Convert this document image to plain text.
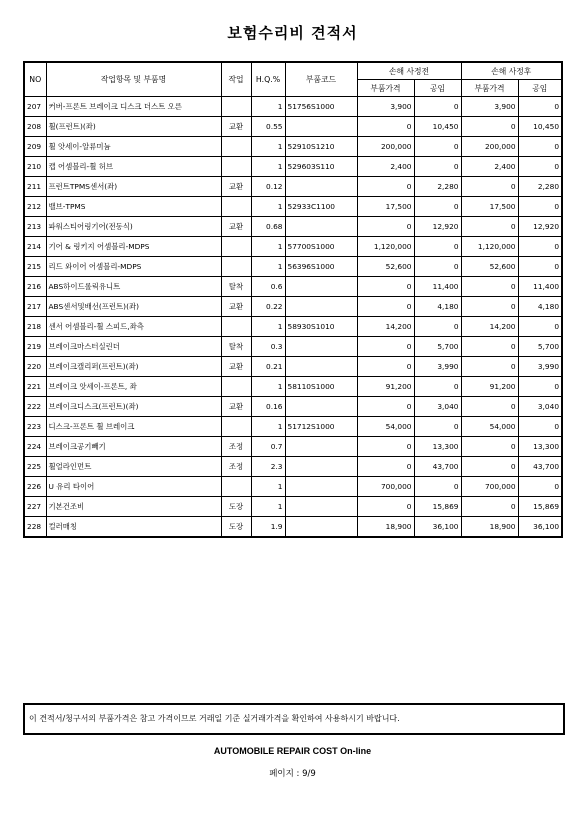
보험수리비 견적서
NO	작업항목 및 부품명	작업	H.Q.%	부품코드	손해 사정전		손해 사정후	
					부품가격	공임	부품가격	공임
207	커버-프론트 브레이크 디스크 더스트 오른		1	51756S1000	3,900	0	3,900	0
208	휠(프런트)(좌)	교환	0.55		0	10,450	0	10,450
209	휠 앗세이-알류미늄		1	52910S1210	200,000	0	200,000	0
210	캡 어셈블리-휠 허브		1	529603S110	2,400	0	2,400	0
211	프런트TPMS센서(좌)	교환	0.12		0	2,280	0	2,280
212	밸브-TPMS		1	52933C1100	17,500	0	17,500	0
213	파워스티어링기어(전동식)	교환	0.68		0	12,920	0	12,920
214	기어 & 링키지 어셈블리-MDPS		1	57700S1000	1,120,000	0	1,120,000	0
215	리드 와이어 어셈블리-MDPS		1	56396S1000	52,600	0	52,600	0
216	ABS하이드롤릭유니트	탈착	0.6		0	11,400	0	11,400
217	ABS센서및배선(프런트)(좌)	교환	0.22		0	4,180	0	4,180
218	센서 어셈블리-휠 스피드,좌측		1	58930S1010	14,200	0	14,200	0
219	브레이크마스터실린더	탈착	0.3		0	5,700	0	5,700
220	브레이크캘리퍼(프런트)(좌)	교환	0.21		0	3,990	0	3,990
221	브레이크 앗세이-프론트, 좌		1	58110S1000	91,200	0	91,200	0
222	브레이크디스크(프런트)(좌)	교환	0.16		0	3,040	0	3,040
223	디스크-프론트 휠 브레이크		1	51712S1000	54,000	0	54,000	0
224	브레이크공기빼기	조정	0.7		0	13,300	0	13,300
225	휠얼라인먼트	조정	2.3		0	43,700	0	43,700
226	U 유리 타이어		1		700,000	0	700,000	0
227	기본건조비	도장	1		0	15,869	0	15,869
228	컬러매칭	도장	1.9		18,900	36,100	18,900	36,100
이 견적서/청구서의 부품가격은 참고 가격이므로 거래일 기준 실거래가격을 확인하여 사용하시기 바랍니다.
AUTOMOBILE REPAIR COST On-line
페이지 : 9/9
